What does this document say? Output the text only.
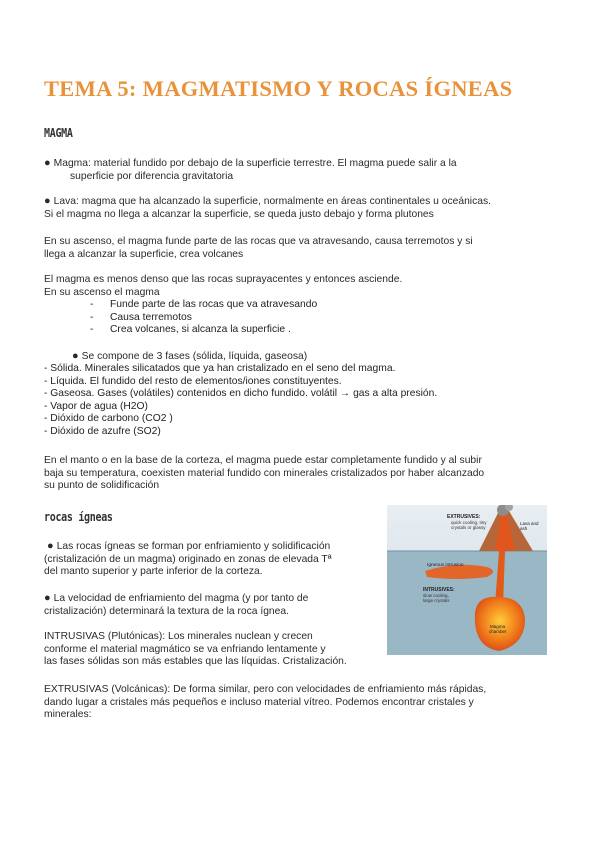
TEMA 5: MAGMATISMO Y ROCAS ÍGNEAS
MAGMA

● Magma: material fundido por debajo de la superficie terrestre. El magma puede salir a la
superficie por diferencia gravitatoria

● Lava: magma que ha alcanzado la superficie, normalmente en áreas continentales u oceánicas.
Si el magma no llega a alcanzar la superficie, se queda justo debajo y forma plutones

En su ascenso, el magma funde parte de las rocas que va atravesando, causa terremotos y si
llega a alcanzar la superficie, crea volcanes

El magma es menos denso que las rocas suprayacentes y entonces asciende.
En su ascenso el magma

- Funde parte de las rocas que va atravesando
- Causa terremotos
- Crea volcanes, si alcanza la superficie .

● Se compone de 3 fases (sólida, líquida, gaseosa)

- Sólida. Minerales silicatados que ya han cristalizado en el seno del magma.
- Líquida. El fundido del resto de elementos/iones constituyentes.
- Gaseosa. Gases (volátiles) contenidos en dicho fundido. volátil → gas a alta presión.
- Vapor de agua (H2O)
- Dióxido de carbono (CO2 )
- Dióxido de azufre (SO2)

En el manto o en la base de la corteza, el magma puede estar completamente fundido y al subir
baja su temperatura, coexisten material fundido con minerales cristalizados por haber alcanzado
su punto de solidificación

rocas ígneas

● Las rocas ígneas se forman por enfriamiento y solidificación
(cristalización de un magma) originado en zonas de elevada Tª
del manto superior y parte inferior de la corteza.

● La velocidad de enfriamiento del magma (y por tanto de
cristalización) determinará la textura de la roca ígnea.

INTRUSIVAS (Plutónicas): Los minerales nuclean y crecen
conforme el material magmático se va enfriando lentamente y
las fases sólidas son más estables que las líquidas. Cristalización.

EXTRUSIVAS (Volcánicas): De forma similar, pero con velocidades de enfriamiento más rápidas,
dando lugar a cristales más pequeños e incluso material vítreo. Podemos encontrar cristales y
minerales:

EXTRUSIVES:
quick cooling, tiny
crystals or glassy
Lava and
ash
Igneous intrusion
INTRUSIVES:
slow cooling,
large crystals
Magma
chamber
